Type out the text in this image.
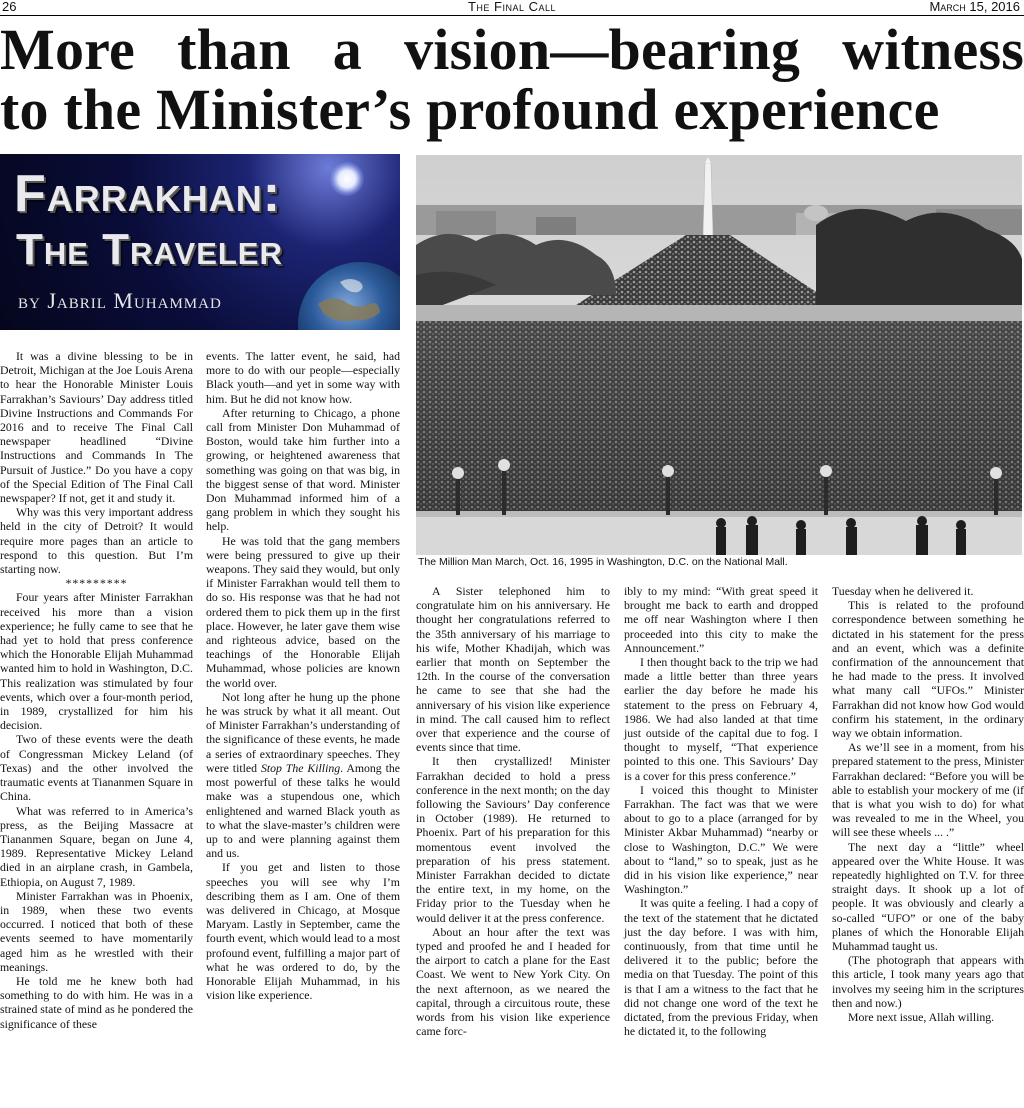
26	The Final Call	March 15, 2016
More than a vision—bearing witness
to the Minister’s profound experience
Farrakhan:
The Traveler
by Jabril Muhammad
The Million Man March, Oct. 16, 1995 in Washington, D.C. on the National Mall.

It was a divine blessing to be in Detroit, Michigan at the Joe Louis Arena to hear the Honorable Minister Louis Farrakhan’s Saviours’ Day address titled Divine Instructions and Commands For 2016 and to receive The Final Call newspaper headlined “Divine Instructions and Commands In The Pursuit of Justice.” Do you have a copy of the Special Edition of The Final Call newspaper? If not, get it and study it.

Why was this very important address held in the city of Detroit? It would require more pages than an article to respond to this question. But I’m starting now.

*********

Four years after Minister Farrakhan received his more than a vision experience; he fully came to see that he had yet to hold that press conference which the Honorable Elijah Muhammad wanted him to hold in Washington, D.C. This realization was stimulated by four events, which over a four-month period, in 1989, crystallized for him his decision.

Two of these events were the death of Congressman Mickey Leland (of Texas) and the other involved the traumatic events at Tiananmen Square in China.

What was referred to in America’s press, as the Beijing Massacre at Tiananmen Square, began on June 4, 1989. Representative Mickey Leland died in an airplane crash, in Gambela, Ethiopia, on August 7, 1989.

Minister Farrakhan was in Phoenix, in 1989, when these two events occurred. I noticed that both of these events seemed to have momentarily aged him as he wrestled with their meanings.

He told me he knew both had something to do with him. He was in a strained state of mind as he pondered the significance of these

events. The latter event, he said, had more to do with our people—especially Black youth—and yet in some way with him. But he did not know how.

After returning to Chicago, a phone call from Minister Don Muhammad of Boston, would take him further into a growing, or heightened awareness that something was going on that was big, in the biggest sense of that word. Minister Don Muhammad informed him of a gang problem in which they sought his help.

He was told that the gang members were being pressured to give up their weapons. They said they would, but only if Minister Farrakhan would tell them to do so. His response was that he had not ordered them to pick them up in the first place. However, he later gave them wise and righteous advice, based on the teachings of the Honorable Elijah Muhammad, whose policies are known the world over.

Not long after he hung up the phone he was struck by what it all meant. Out of Minister Farrakhan’s understanding of the significance of these events, he made a series of extraordinary speeches. They were titled Stop The Killing. Among the most powerful of these talks he would make was a stupendous one, which enlightened and warned Black youth as to what the slave-master’s children were up to and were planning against them and us.

If you get and listen to those speeches you will see why I’m describing them as I am. One of them was delivered in Chicago, at Mosque Maryam. Lastly in September, came the fourth event, which would lead to a most profound event, fulfilling a major part of what he was ordered to do, by the Honorable Elijah Muhammad, in his vision like experience.

A Sister telephoned him to congratulate him on his anniversary. He thought her congratulations referred to the 35th anniversary of his marriage to his wife, Mother Khadijah, which was earlier that month on September the 12th. In the course of the conversation he came to see that she had the anniversary of his vision like experience in mind. The call caused him to reflect over that experience and the course of events since that time.

It then crystallized! Minister Farrakhan decided to hold a press conference in the next month; on the day following the Saviours’ Day conference in October (1989). He returned to Phoenix. Part of his preparation for this momentous event involved the preparation of his press statement. Minister Farrakhan decided to dictate the entire text, in my home, on the Friday prior to the Tuesday when he would deliver it at the press conference.

About an hour after the text was typed and proofed he and I headed for the airport to catch a plane for the East Coast. We went to New York City. On the next afternoon, as we neared the capital, through a circuitous route, these words from his vision like experience came forc-

ibly to my mind: “With great speed it brought me back to earth and dropped me off near Washington where I then proceeded into this city to make the Announcement.”

I then thought back to the trip we had made a little better than three years earlier the day before he made his statement to the press on February 4, 1986. We had also landed at that time just outside of the capital due to fog. I thought to myself, “That experience pointed to this one. This Saviours’ Day is a cover for this press conference.”

I voiced this thought to Minister Farrakhan. The fact was that we were about to go to a place (arranged for by Minister Akbar Muhammad) “nearby or close to Washington, D.C.” We were about to “land,” so to speak, just as he did in his vision like experience,” near Washington.”

It was quite a feeling. I had a copy of the text of the statement that he dictated just the day before. I was with him, continuously, from that time until he delivered it to the public; before the media on that Tuesday. The point of this is that I am a witness to the fact that he did not change one word of the text he dictated, from the previous Friday, when he dictated it, to the following

Tuesday when he delivered it.

This is related to the profound correspondence between something he dictated in his statement for the press and an event, which was a definite confirmation of the announcement that he had made to the press. It involved what many call “UFOs.” Minister Farrakhan did not know how God would confirm his statement, in the ordinary way we obtain information.

As we’ll see in a moment, from his prepared statement to the press, Minister Farrakhan declared: “Before you will be able to establish your mockery of me (if that is what you wish to do) for what was revealed to me in the Wheel, you will see these wheels ... .”

The next day a “little” wheel appeared over the White House. It was repeatedly highlighted on T.V. for three straight days. It shook up a lot of people. It was obviously and clearly a so-called “UFO” or one of the baby planes of which the Honorable Elijah Muhammad taught us.

(The photograph that appears with this article, I took many years ago that involves my seeing him in the scriptures then and now.)

More next issue, Allah willing.
